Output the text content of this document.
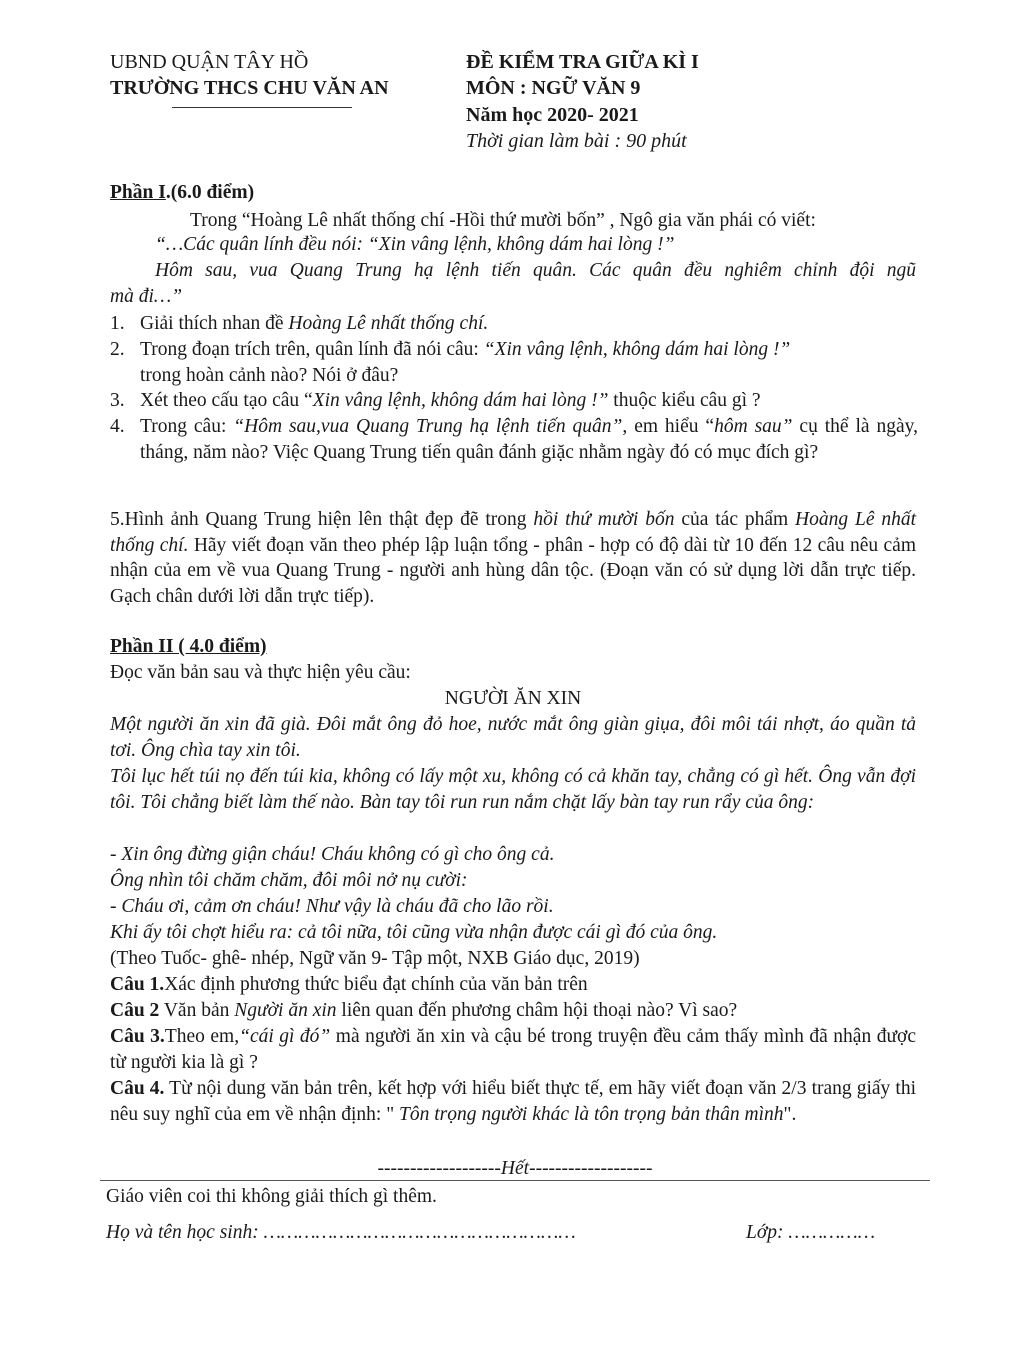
UBND QUẬN TÂY HỒ
TRƯỜNG THCS CHU VĂN AN
ĐỀ KIỂM TRA GIỮA KÌ I
MÔN : NGỮ VĂN 9
Năm học 2020- 2021
Thời gian làm bài : 90 phút
Phần I.(6.0 điểm)
Trong “Hoàng Lê nhất thống chí -Hồi thứ mười bốn” , Ngô gia văn phái có viết:
“…Các quân lính đều nói: “Xin vâng lệnh, không dám hai lòng !”
Hôm sau, vua Quang Trung hạ lệnh tiến quân. Các quân đều nghiêm chỉnh đội ngũ
mà đi…”
1. Giải thích nhan đề Hoàng Lê nhất thống chí.
2. Trong đoạn trích trên, quân lính đã nói câu: “Xin vâng lệnh, không dám hai lòng !”
trong hoàn cảnh nào? Nói ở đâu?
3. Xét theo cấu tạo câu “Xin vâng lệnh, không dám hai lòng !” thuộc kiểu câu gì ?
4. Trong câu: “Hôm sau,vua Quang Trung hạ lệnh tiến quân”, em hiểu “hôm sau” cụ thể là ngày, tháng, năm nào? Việc Quang Trung tiến quân đánh giặc nhằm ngày đó có mục đích gì?
5.Hình ảnh Quang Trung hiện lên thật đẹp đẽ trong hồi thứ mười bốn của tác phẩm Hoàng Lê nhất thống chí. Hãy viết đoạn văn theo phép lập luận tổng - phân - hợp có độ dài từ 10 đến 12 câu nêu cảm nhận của em về vua Quang Trung - người anh hùng dân tộc. (Đoạn văn có sử dụng lời dẫn trực tiếp. Gạch chân dưới lời dẫn trực tiếp).
Phần II ( 4.0 điểm)
Đọc văn bản sau và thực hiện yêu cầu:
NGƯỜI ĂN XIN
Một người ăn xin đã già. Đôi mắt ông đỏ hoe, nước mắt ông giàn giụa, đôi môi tái nhợt, áo quần tả tơi. Ông chìa tay xin tôi.
Tôi lục hết túi nọ đến túi kia, không có lấy một xu, không có cả khăn tay, chẳng có gì hết. Ông vẫn đợi tôi. Tôi chẳng biết làm thế nào. Bàn tay tôi run run nắm chặt lấy bàn tay run rẩy của ông:
- Xin ông đừng giận cháu! Cháu không có gì cho ông cả.
Ông nhìn tôi chăm chăm, đôi môi nở nụ cười:
- Cháu ơi, cảm ơn cháu! Như vậy là cháu đã cho lão rồi.
Khi ấy tôi chợt hiểu ra: cả tôi nữa, tôi cũng vừa nhận được cái gì đó của ông.
(Theo Tuốc- ghê- nhép, Ngữ văn 9- Tập một, NXB Giáo dục, 2019)
Câu 1.Xác định phương thức biểu đạt chính của văn bản trên
Câu 2 Văn bản Người ăn xin liên quan đến phương châm hội thoại nào? Vì sao?
Câu 3.Theo em,“cái gì đó” mà người ăn xin và cậu bé trong truyện đều cảm thấy mình đã nhận được từ người kia là gì ?
Câu 4. Từ nội dung văn bản trên, kết hợp với hiểu biết thực tế, em hãy viết đoạn văn 2/3 trang giấy thi nêu suy nghĩ của em về nhận định: " Tôn trọng người khác là tôn trọng bản thân mình".
-------------------Hết-------------------
Giáo viên coi thi không giải thích gì thêm.
Họ và tên học sinh: ………………………………………………	Lớp: ……………
